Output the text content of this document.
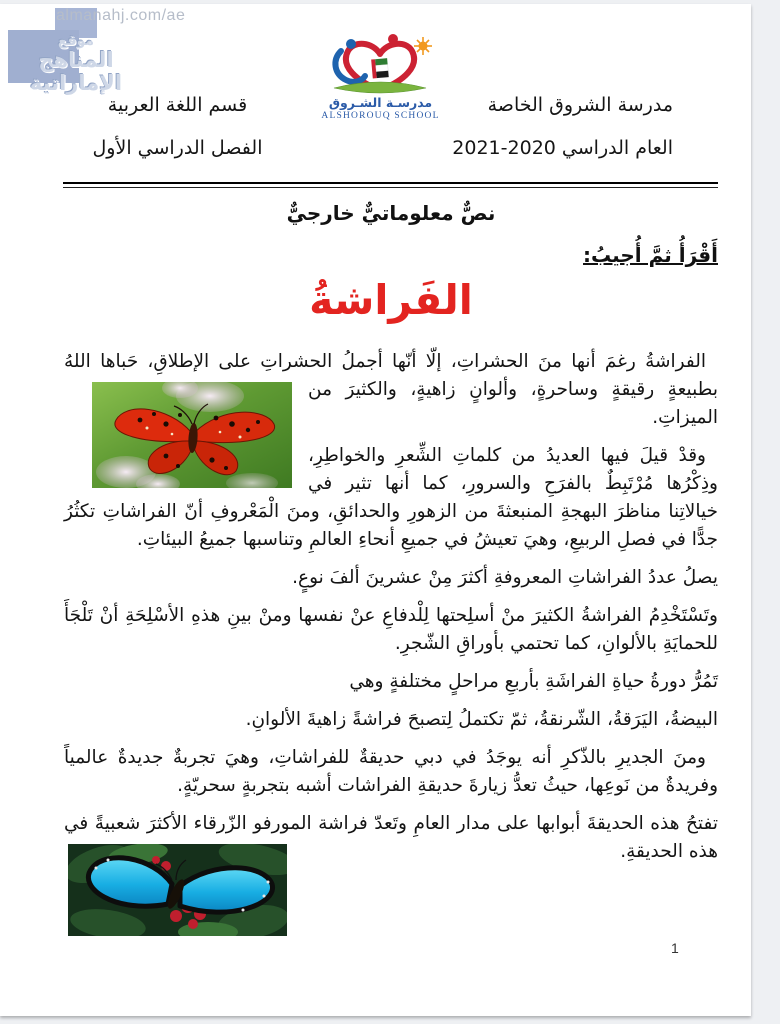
almanahj.com/ae
موقع
المناهج الإماراتية
مدرسة الشروق الخاصة
العام الدراسي 2020‏-2021
قسم اللغة العربية
الفصل الدراسي الأول
مدرسـة الشـروق
ALSHOROUQ SCHOOL
نصٌّ معلوماتيٌّ خارجيٌّ
أَقْرَأُ ثمَّ أُجيبُ:
الفَراشةُ

الفراشةُ رغمَ أنها منَ الحشراتِ، إلّا أنّها أجملُ الحشراتِ على الإطلاقِ، حَباها اللهُ
بطبيعةٍ رقيقةٍ وساحرةٍ، وألوانٍ زاهيةٍ، والكثيرَ من الميزاتِ.

وقدْ قيلَ فيها العديدُ من كلماتِ الشِّعرِ والخواطِرِ، وذِكْرُها مُرْتَبِطٌ بالفرَحِ والسرورِ، كما أنها تثير في خيالاتِنا مناظرَ البهجةِ المنبعثةَ من الزهورِ والحدائقِ، ومنَ الْمَعْروفِ أنّ الفراشاتِ تكثُرُ جدًّا في فصلِ الربيعِ، وهيَ تعيشُ في جميعِ أنحاءِ العالمِ وتناسبها جميعُ البيئاتِ.

يصلُ عددُ الفراشاتِ المعروفةِ أكثرَ مِنْ عشرينَ ألفَ نوعٍ.

وتَسْتَخْدِمُ الفراشةُ الكثيرَ منْ أسلِحتها لِلْدفاعِ عنْ نفسها ومنْ بينِ هذهِ الأسْلِحَةِ أنْ تَلْجَأَ للحمايَةِ بالألوانِ، كما تحتمي بأوراقِ الشّجرِ.

تَمُرُّ دورةُ حياةِ الفراشَةِ بأربعِ مراحلٍ مختلفةٍ وهي

البيضةُ، اليَرَقةُ، الشّرنقةُ، ثمّ تكتملُ لِتصبحَ فراشةً زاهيةَ الألوانِ.

ومنَ الجديرِ بالذّكرِ أنه يوجَدُ في دبي حديقةٌ للفراشاتِ، وهيَ تجربةٌ جديدةٌ عالمياً وفريدةٌ من نَوعِها، حيثُ تعدُّ زيارةَ حديقةِ الفراشات أشبه بتجربةٍ سحريّةٍ.

تفتحُ هذه الحديقةَ أبوابها على مدار العامِ وتَعدّ فراشة المورفو الزّرقاء الأكثرَ شعبيةً
في هذه الحديقةِ.

1
